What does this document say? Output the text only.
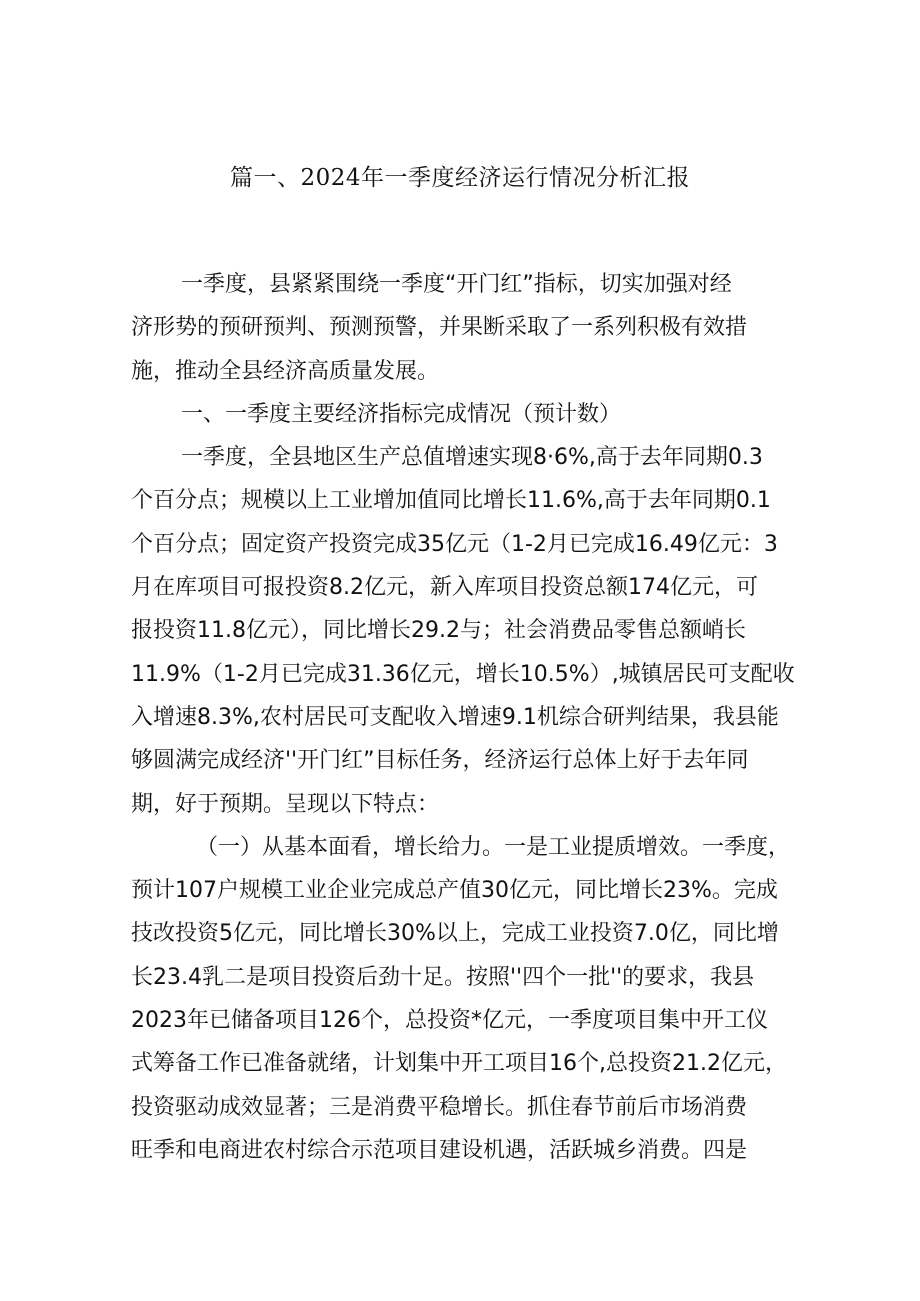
篇一、2024年一季度经济运行情况分析汇报
一季度，县紧紧围绕一季度“开门红”指标，切实加强对经
济形势的预研预判、预测预警，并果断采取了一系列积极有效措
施，推动全县经济高质量发展。
一、一季度主要经济指标完成情况（预计数）
一季度，全县地区生产总值增速实现8·6%,高于去年同期0.3
个百分点；规模以上工业增加值同比增长11.6%,高于去年同期0.1
个百分点；固定资产投资完成35亿元（1-2月已完成16.49亿元：3
月在库项目可报投资8.2亿元，新入库项目投资总额174亿元，可
报投资11.8亿元），同比增长29.2与；社会消费品零售总额峭长
11.9%（1-2月已完成31.36亿元，增长10.5%）,城镇居民可支配收
入增速8.3%,农村居民可支配收入增速9.1机综合研判结果，我县能
够圆满完成经济''开门红”目标任务，经济运行总体上好于去年同
期，好于预期。呈现以下特点：
（一）从基本面看，增长给力。一是工业提质增效。一季度，
预计107户规模工业企业完成总产值30亿元，同比增长23%。完成
技改投资5亿元，同比增长30%以上，完成工业投资7.0亿，同比增
长23.4乳二是项目投资后劲十足。按照''四个一批''的要求，我县
2023年已储备项目126个，总投资*亿元，一季度项目集中开工仪
式筹备工作已准备就绪，计划集中开工项目16个,总投资21.2亿元，
投资驱动成效显著；三是消费平稳增长。抓住春节前后市场消费
旺季和电商进农村综合示范项目建设机遇，活跃城乡消费。四是
